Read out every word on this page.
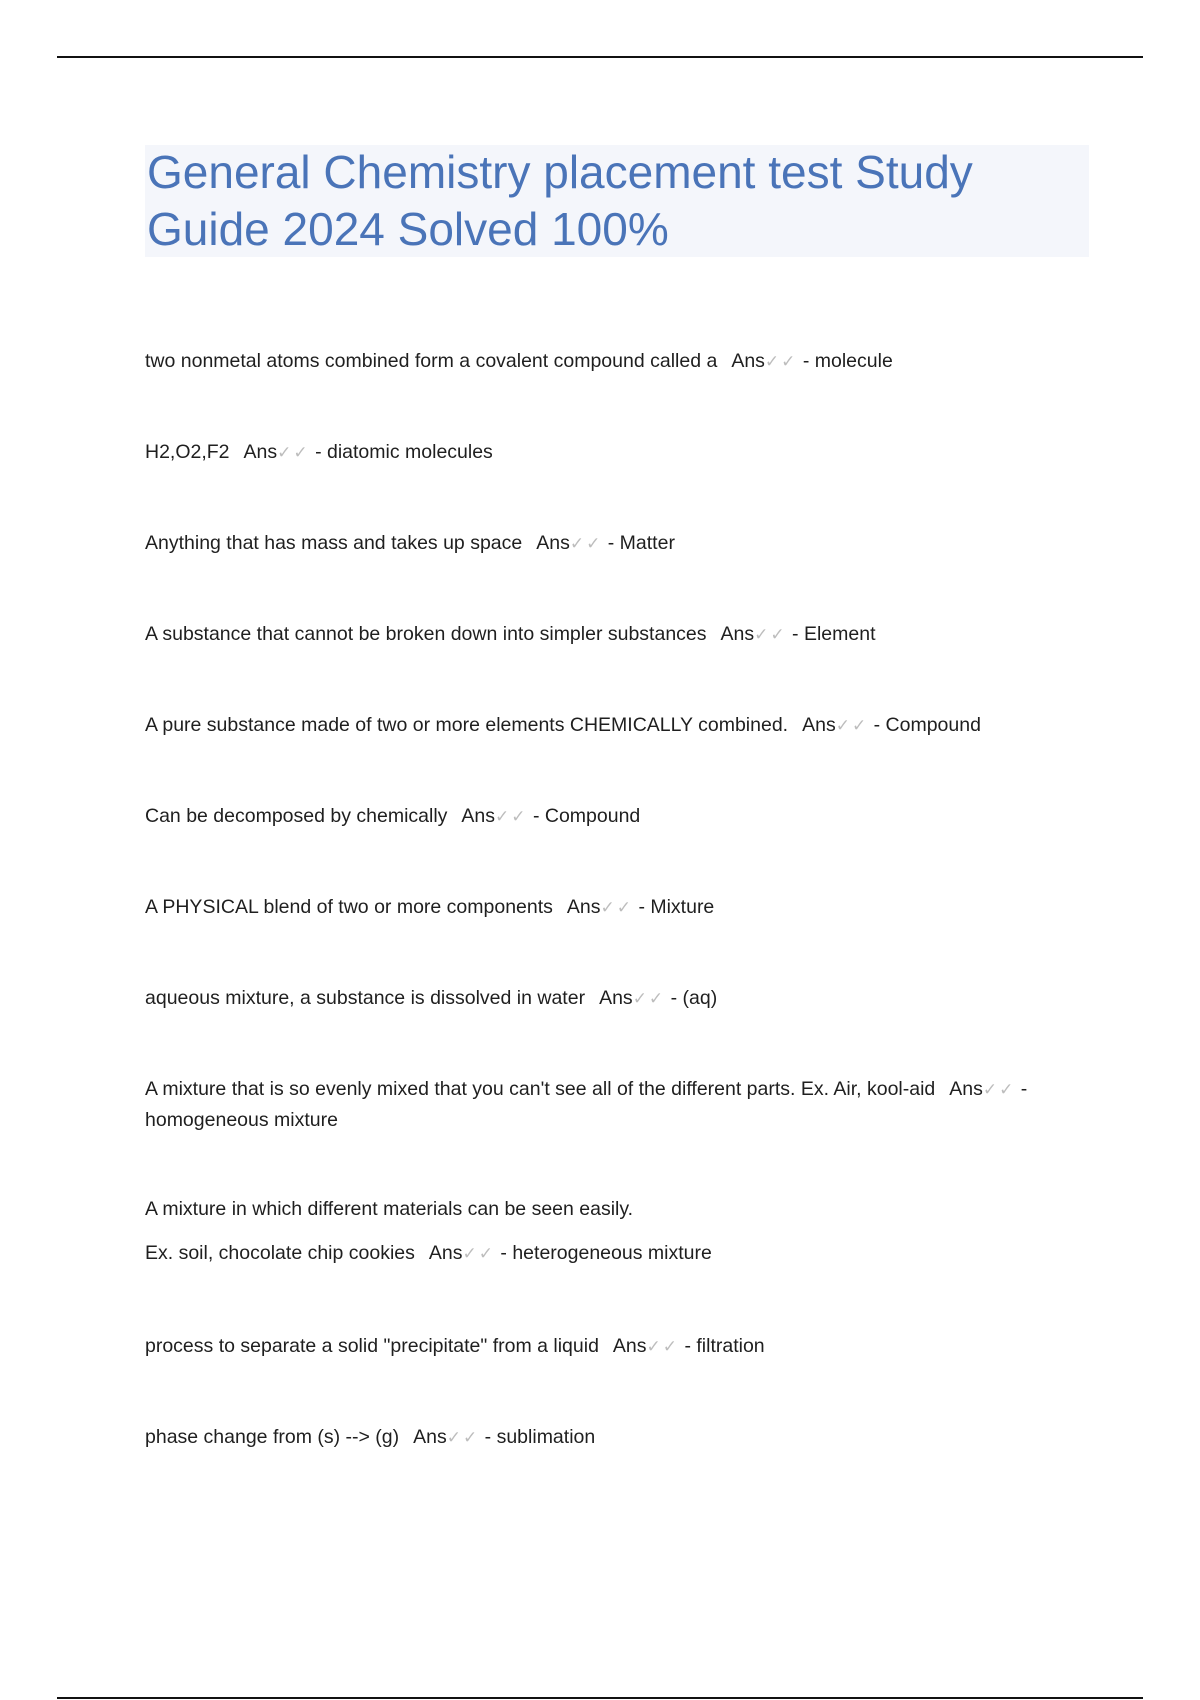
General Chemistry placement test Study Guide 2024 Solved 100%

two nonmetal atoms combined form a covalent compound called a Ans✓✓ - molecule

H2,O2,F2 Ans✓✓ - diatomic molecules

Anything that has mass and takes up space Ans✓✓ - Matter

A substance that cannot be broken down into simpler substances Ans✓✓ - Element

A pure substance made of two or more elements CHEMICALLY combined. Ans✓✓ - Compound

Can be decomposed by chemically Ans✓✓ - Compound

A PHYSICAL blend of two or more components Ans✓✓ - Mixture

aqueous mixture, a substance is dissolved in water Ans✓✓ - (aq)

A mixture that is so evenly mixed that you can't see all of the different parts. Ex. Air, kool-aid Ans✓✓ - homogeneous mixture

A mixture in which different materials can be seen easily.
Ex. soil, chocolate chip cookies Ans✓✓ - heterogeneous mixture

process to separate a solid "precipitate" from a liquid Ans✓✓ - filtration

phase change from (s) --> (g) Ans✓✓ - sublimation
